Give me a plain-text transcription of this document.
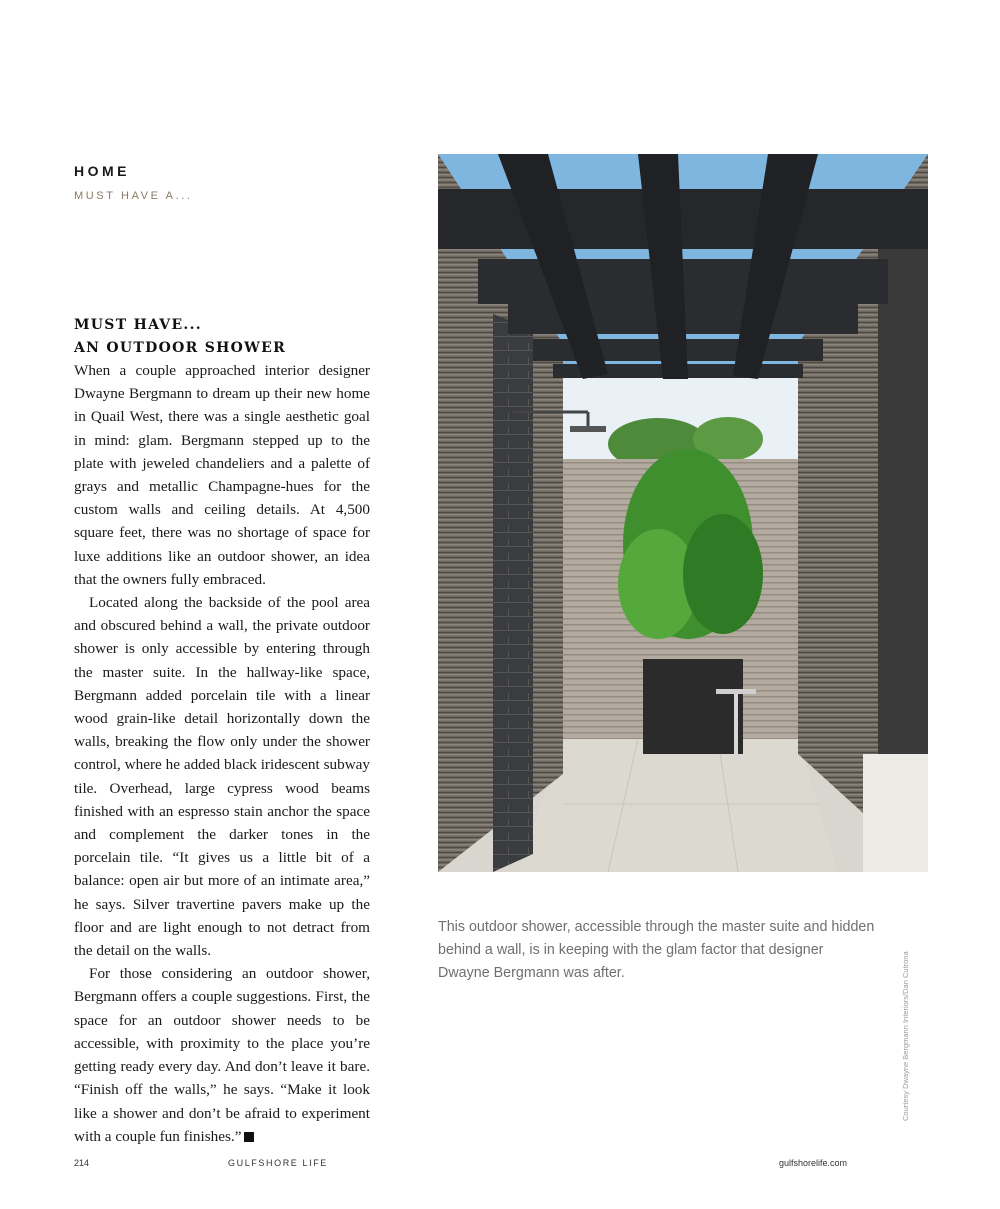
HOME
MUST HAVE A...
MUST HAVE...
AN OUTDOOR SHOWER

When a couple approached interior designer Dwayne Bergmann to dream up their new home in Quail West, there was a single aesthetic goal in mind: glam. Bergmann stepped up to the plate with jeweled chandeliers and a palette of grays and metallic Champagne-hues for the custom walls and ceiling details. At 4,500 square feet, there was no shortage of space for luxe additions like an outdoor shower, an idea that the owners fully embraced.

Located along the backside of the pool area and obscured behind a wall, the private outdoor shower is only accessible by entering through the master suite. In the hallway-like space, Bergmann added porcelain tile with a linear wood grain-like detail horizontally down the walls, breaking the flow only under the shower control, where he added black iridescent subway tile. Overhead, large cypress wood beams finished with an espresso stain anchor the space and complement the darker tones in the porcelain tile. “It gives us a little bit of a balance: open air but more of an intimate area,” he says. Silver travertine pavers make up the floor and are light enough to not detract from the detail on the walls.

For those considering an outdoor shower, Bergmann offers a couple suggestions. First, the space for an outdoor shower needs to be accessible, with proximity to the place you’re getting ready every day. And don’t leave it bare. “Finish off the walls,” he says. “Make it look like a shower and don’t be afraid to experiment with a couple fun finishes.”

This outdoor shower, accessible through the master suite and hidden behind a wall, is in keeping with the glam factor that designer Dwayne Bergmann was after.	Courtesy Dwayne Bergmann Interiors/Dan Cutrona
214	GULFSHORE LIFE	gulfshorelife.com
